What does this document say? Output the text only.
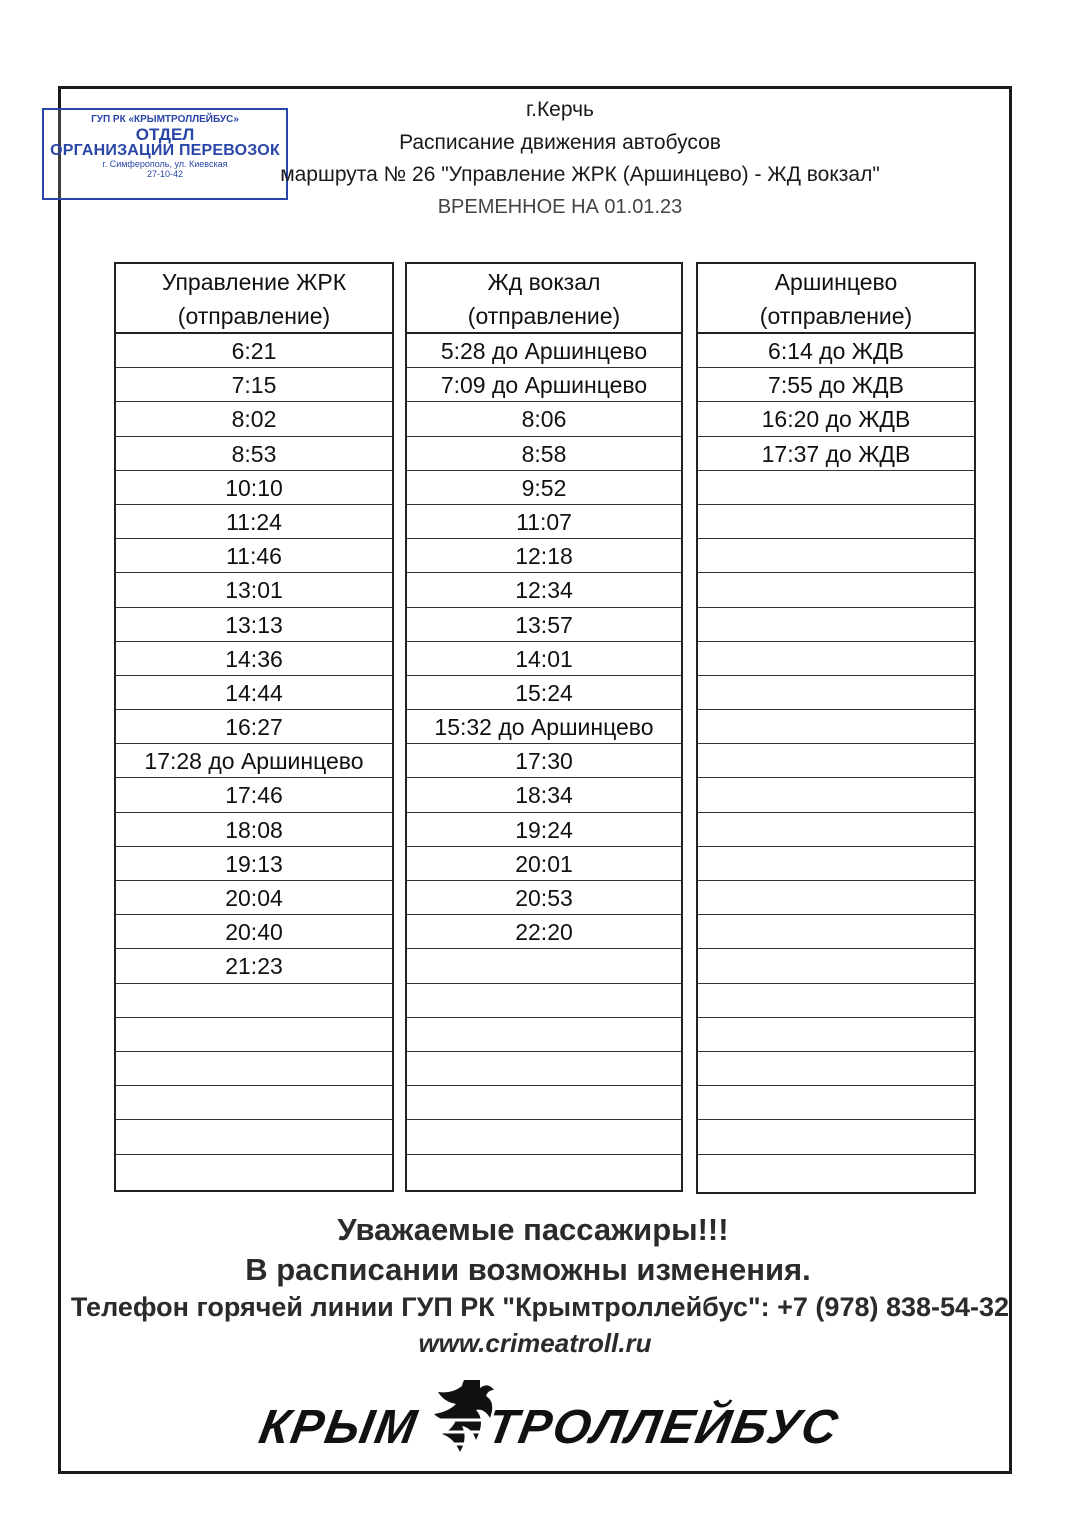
ГУП РК «КРЫМТРОЛЛЕЙБУС»
ОТДЕЛ
ОРГАНИЗАЦИИ ПЕРЕВОЗОК
г. Симферополь, ул. Киевская
27-10-42
г.Керчь
Расписание движения автобусов
маршрута № 26 "Управление ЖРК (Аршинцево) - ЖД вокзал"
ВРЕМЕННОЕ НА 01.01.23
Управление ЖРК
(отправление)
6:21
7:15
8:02
8:53
10:10
11:24
11:46
13:01
13:13
14:36
14:44
16:27
17:28 до Аршинцево
17:46
18:08
19:13
20:04
20:40
21:23
Жд вокзал
(отправление)
5:28 до Аршинцево
7:09 до Аршинцево
8:06
8:58
9:52
11:07
12:18
12:34
13:57
14:01
15:24
15:32 до Аршинцево
17:30
18:34
19:24
20:01
20:53
22:20
Аршинцево
(отправление)
6:14 до ЖДВ
7:55 до ЖДВ
16:20 до ЖДВ
17:37 до ЖДВ
Уважаемые пассажиры!!!
В расписании возможны изменения.
Телефон горячей линии ГУП РК "Крымтроллейбус": +7 (978) 838-54-32
www.crimeatroll.ru
КРЫМ ТРОЛЛЕЙБУС
